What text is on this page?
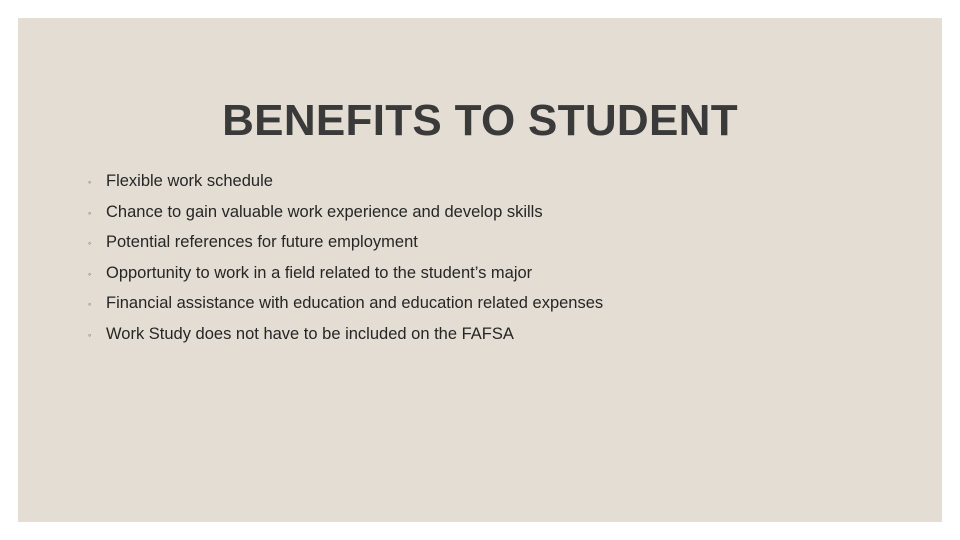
BENEFITS TO STUDENT
◦ Flexible work schedule
◦ Chance to gain valuable work experience and develop skills
◦ Potential references for future employment
◦ Opportunity to work in a field related to the student’s major
◦ Financial assistance with education and education related expenses
◦ Work Study does not have to be included on the FAFSA
